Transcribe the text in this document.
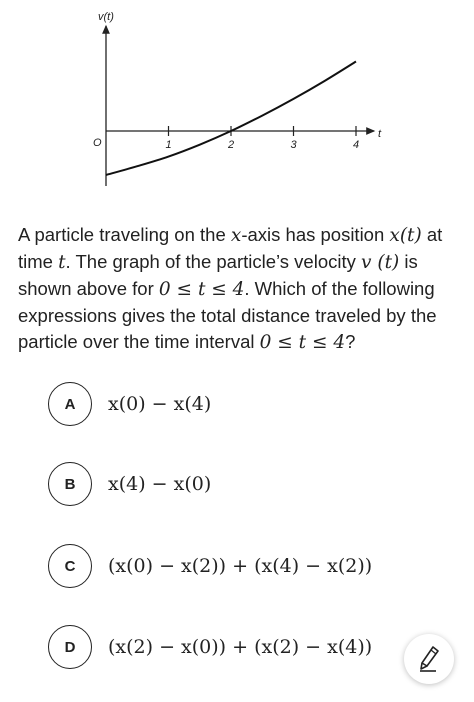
v(t)
t
O	1	2	3	4
A particle traveling on the x-axis has position x(t) at time t. The graph of the particle’s velocity v (t) is shown above for 0 ≤ t ≤ 4. Which of the following expressions gives the total distance traveled by the particle over the time interval 0 ≤ t ≤ 4?
A	x(0) − x(4)
B	x(4) − x(0)
C	(x(0) − x(2)) + (x(4) − x(2))
D	(x(2) − x(0)) + (x(2) − x(4))
